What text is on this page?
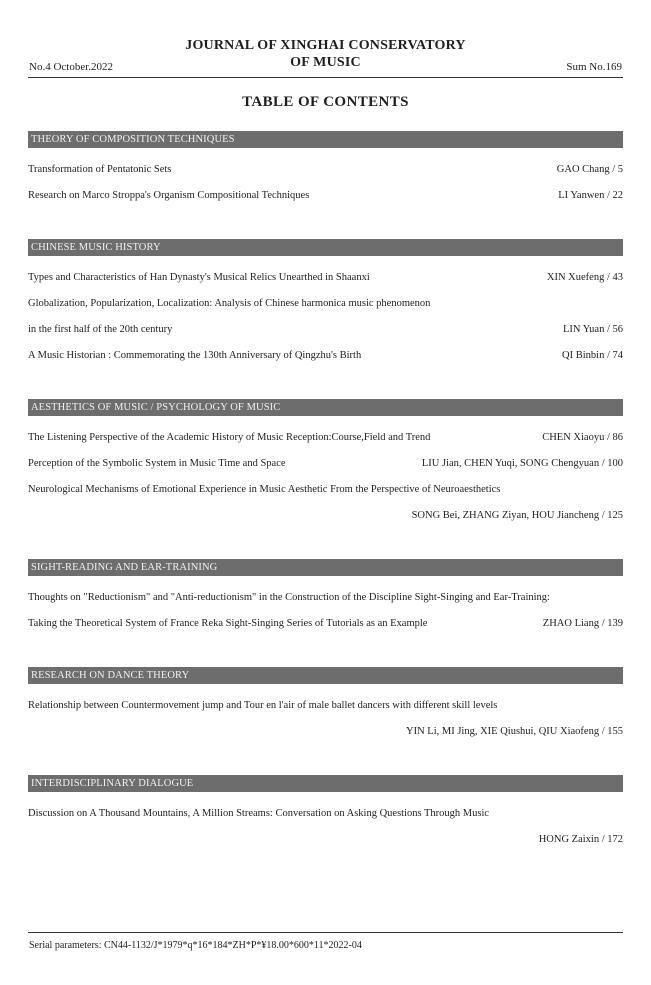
No.4 October.2022
JOURNAL OF XINGHAI CONSERVATORY
OF MUSIC	Sum No.169
TABLE OF CONTENTS
THEORY OF COMPOSITION TECHNIQUES
Transformation of Pentatonic Sets	GAO Chang / 5
Research on Marco Stroppa's Organism Compositional Techniques	LI Yanwen / 22
CHINESE MUSIC HISTORY
Types and Characteristics of Han Dynasty's Musical Relics Unearthed in Shaanxi	XIN Xuefeng / 43
Globalization, Popularization, Localization: Analysis of Chinese harmonica music phenomenon
in the first half of the 20th century	LIN Yuan / 56
A Music Historian : Commemorating the 130th Anniversary of Qingzhu's Birth	QI Binbin / 74
AESTHETICS OF MUSIC / PSYCHOLOGY OF MUSIC
The Listening Perspective of the Academic History of Music Reception:Course,Field and Trend	CHEN Xiaoyu / 86
Perception of the Symbolic System in Music Time and Space	LIU Jian, CHEN Yuqi, SONG Chengyuan / 100
Neurological Mechanisms of Emotional Experience in Music Aesthetic From the Perspective of Neuroaesthetics
SONG Bei, ZHANG Ziyan, HOU Jiancheng / 125
SIGHT-READING AND EAR-TRAINING
Thoughts on "Reductionism" and "Anti-reductionism" in the Construction of the Discipline Sight-Singing and Ear-Training:
Taking the Theoretical System of France Reka Sight-Singing Series of Tutorials as an Example	ZHAO Liang / 139
RESEARCH ON DANCE THEORY
Relationship between Countermovement jump and Tour en l'air of male ballet dancers with different skill levels
YIN Li, MI Jing, XIE Qiushui, QIU Xiaofeng / 155
INTERDISCIPLINARY DIALOGUE
Discussion on A Thousand Mountains, A Million Streams: Conversation on Asking Questions Through Music
HONG Zaixin / 172
Serial parameters: CN44-1132/J*1979*q*16*184*ZH*P*¥18.00*600*11*2022-04
